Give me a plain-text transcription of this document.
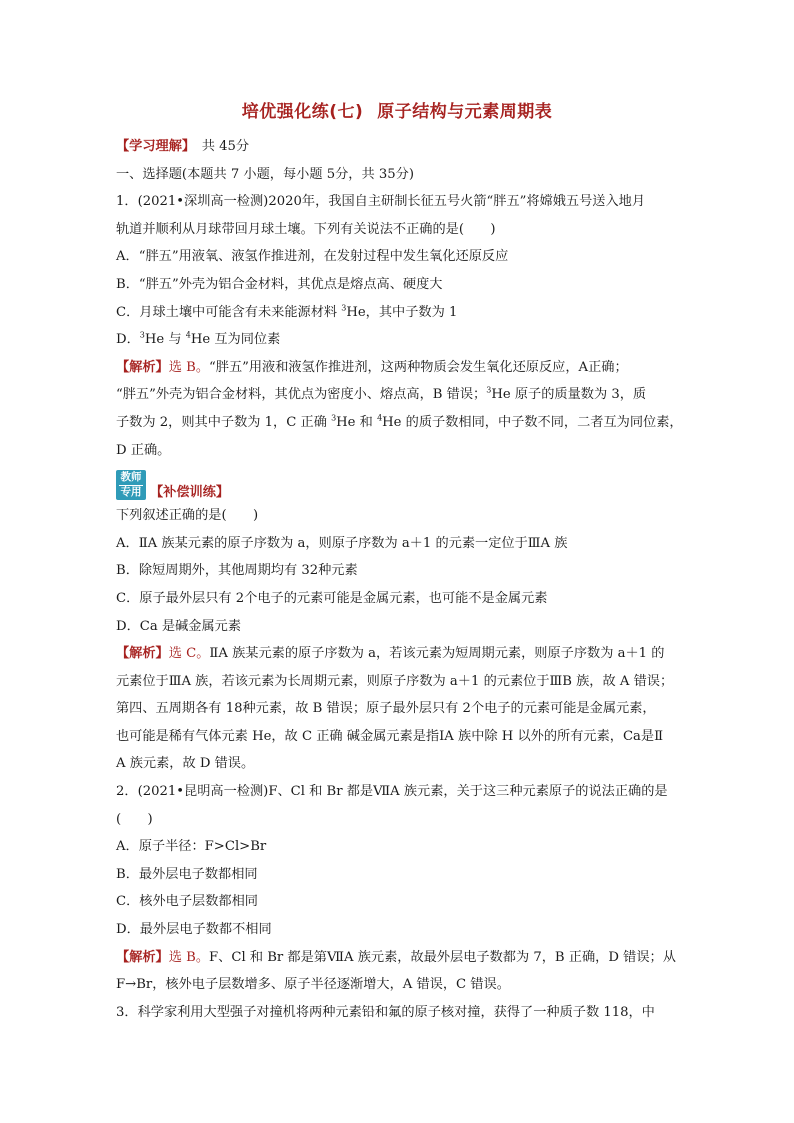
培优强化练(七) 原子结构与元素周期表
【学习理解】　共 45分
一、选择题(本题共 7 小题，每小题 5分，共 35分)
1．(2021•深圳高一检测)2020年，我国自主研制长征五号火箭“胖五”将嫦娥五号送入地月
轨道并顺利从月球带回月球土壤。下列有关说法不正确的是(　　)
A．“胖五”用液氧、液氢作推进剂，在发射过程中发生氧化还原反应
B．“胖五”外壳为铝合金材料，其优点是熔点高、硬度大
C．月球土壤中可能含有未来能源材料 $^3$He，其中子数为 1
D．$^3$He 与 $^4$He 互为同位素
【解析】选 B。“胖五”用液和液氢作推进剂，这两种物质会发生氧化还原反应，A正确；
“胖五”外壳为铝合金材料，其优点为密度小、熔点高，B 错误；$^3$He 原子的质量数为 3，质
子数为 2，则其中子数为 1，C 正确 $^3$He 和 $^4$He 的质子数相同，中子数不同，二者互为同位素，
D 正确。
教师
专用 【补偿训练】
下列叙述正确的是(　　)
A．ⅡA 族某元素的原子序数为 a，则原子序数为 a＋1 的元素一定位于ⅢA 族
B．除短周期外，其他周期均有 32种元素
C．原子最外层只有 2个电子的元素可能是金属元素，也可能不是金属元素
D．Ca 是碱金属元素
【解析】选 C。ⅡA 族某元素的原子序数为 a，若该元素为短周期元素，则原子序数为 a＋1 的
元素位于ⅢA 族，若该元素为长周期元素，则原子序数为 a＋1 的元素位于ⅢB 族，故 A 错误；
第四、五周期各有 18种元素，故 B 错误；原子最外层只有 2个电子的元素可能是金属元素，
也可能是稀有气体元素 He，故 C 正确 碱金属元素是指ⅠA 族中除 H 以外的所有元素，Ca是Ⅱ
A 族元素，故 D 错误。
2．(2021•昆明高一检测)F、Cl 和 Br 都是ⅦA 族元素，关于这三种元素原子的说法正确的是
(　　)
A．原子半径：F>Cl>Br
B．最外层电子数都相同
C．核外电子层数都相同
D．最外层电子数都不相同
【解析】选 B。F、Cl 和 Br 都是第ⅦA 族元素，故最外层电子数都为 7，B 正确，D 错误；从
F→Br，核外电子层数增多、原子半径逐渐增大，A 错误，C 错误。
3．科学家利用大型强子对撞机将两种元素铅和氟的原子核对撞，获得了一种质子数 118，中
